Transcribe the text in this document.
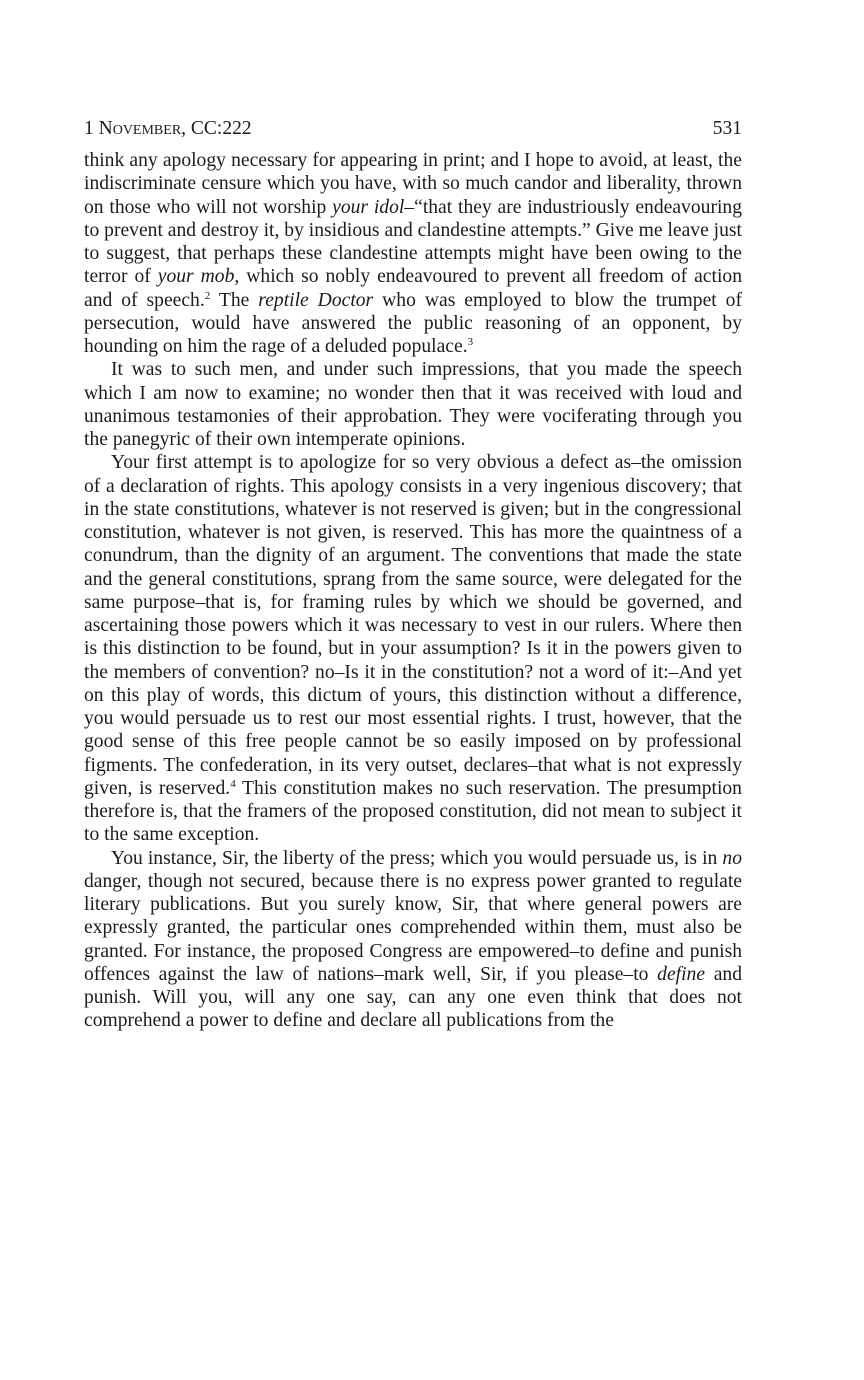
1 November, CC:222	531

think any apology necessary for appearing in print; and I hope to avoid, at least, the indiscriminate censure which you have, with so much candor and liberality, thrown on those who will not worship your idol–“that they are industriously endeavouring to prevent and destroy it, by insidious and clandestine attempts.” Give me leave just to suggest, that perhaps these clandestine attempts might have been owing to the terror of your mob, which so nobly endeavoured to prevent all freedom of action and of speech.$^2$ The reptile Doctor who was employed to blow the trumpet of persecution, would have answered the public reasoning of an opponent, by hounding on him the rage of a deluded populace.$^3$

It was to such men, and under such impressions, that you made the speech which I am now to examine; no wonder then that it was received with loud and unanimous testamonies of their approbation. They were vociferating through you the panegyric of their own intemperate opinions.

Your first attempt is to apologize for so very obvious a defect as–the omission of a declaration of rights. This apology consists in a very ingenious discovery; that in the state constitutions, whatever is not reserved is given; but in the congressional constitution, whatever is not given, is reserved. This has more the quaintness of a conundrum, than the dignity of an argument. The conventions that made the state and the general constitutions, sprang from the same source, were delegated for the same purpose–that is, for framing rules by which we should be governed, and ascertaining those powers which it was necessary to vest in our rulers. Where then is this distinction to be found, but in your assumption? Is it in the powers given to the members of convention? no–Is it in the constitution? not a word of it:–And yet on this play of words, this dictum of yours, this distinction without a difference, you would persuade us to rest our most essential rights. I trust, however, that the good sense of this free people cannot be so easily imposed on by professional figments. The confederation, in its very outset, declares–that what is not expressly given, is reserved.$^4$ This constitution makes no such reservation. The presumption therefore is, that the framers of the proposed constitution, did not mean to subject it to the same exception.

You instance, Sir, the liberty of the press; which you would persuade us, is in no danger, though not secured, because there is no express power granted to regulate literary publications. But you surely know, Sir, that where general powers are expressly granted, the particular ones comprehended within them, must also be granted. For instance, the proposed Congress are empowered–to define and punish offences against the law of nations–mark well, Sir, if you please–to define and punish. Will you, will any one say, can any one even think that does not comprehend a power to define and declare all publications from the
